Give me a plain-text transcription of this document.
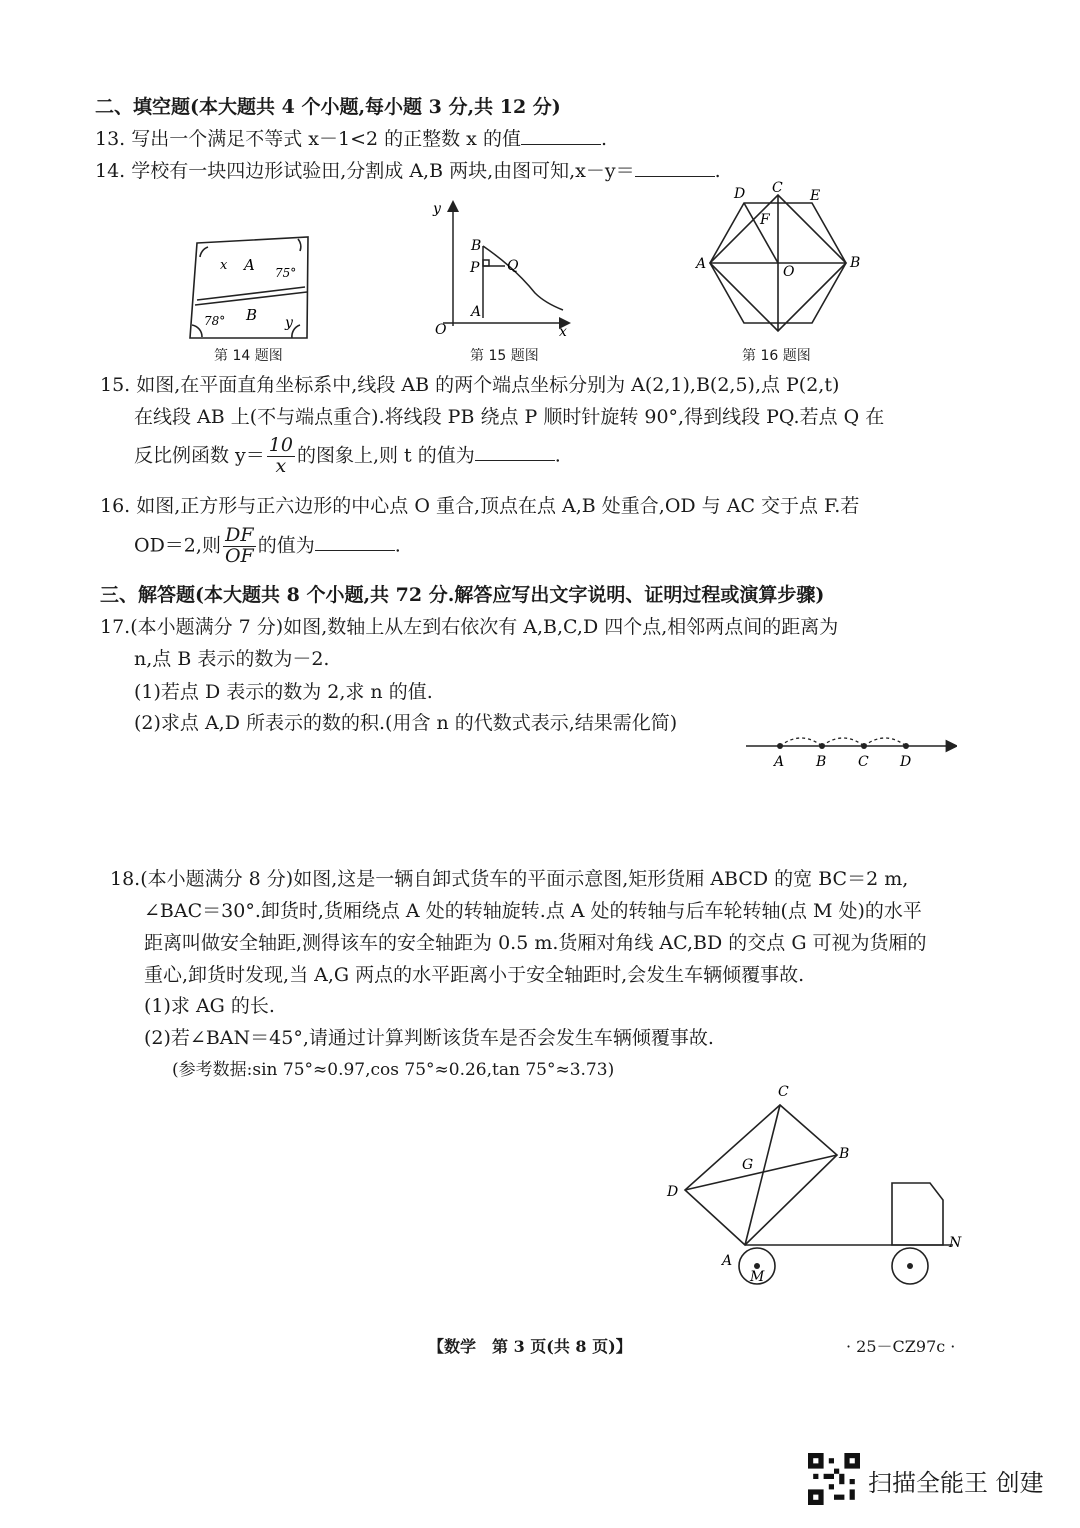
二、填空题(本大题共 4 个小题,每小题 3 分,共 12 分)
13. 写出一个满足不等式 x－1<2 的正整数 x 的值	.
14. 学校有一块四边形试验田,分割成 A,B 两块,由图可知,x－y＝	.
x A 75°
78° B y
第 14 题图
y
B
P Q
A
O	x
第 15 题图
D C E
F
A	O
B
第 16 题图
15. 如图,在平面直角坐标系中,线段 AB 的两个端点坐标分别为 A(2,1),B(2,5),点 P(2,t)
在线段 AB 上(不与端点重合).将线段 PB 绕点 P 顺时针旋转 90°,得到线段 PQ.若点 Q 在
反比例函数 $y= \frac{10}{x}$ 的图象上,则 t 的值为	.
16. 如图,正方形与正六边形的中心点 O 重合,顶点在点 A,B 处重合,OD 与 AC 交于点 F.若
OD＝2,则 $\frac{DF}{OF}$ 的值为	.
三、解答题(本大题共 8 个小题,共 72 分.解答应写出文字说明、证明过程或演算步骤)
17.(本小题满分 7 分)如图,数轴上从左到右依次有 A,B,C,D 四个点,相邻两点间的距离为
n,点 B 表示的数为－2.
(1)若点 D 表示的数为 2,求 n 的值.
(2)求点 A,D 所表示的数的积.(用含 n 的代数式表示,结果需化简)
A B C D
18.(本小题满分 8 分)如图,这是一辆自卸式货车的平面示意图,矩形货厢 ABCD 的宽 BC＝2 m,
∠BAC＝30°.卸货时,货厢绕点 A 处的转轴旋转.点 A 处的转轴与后车轮转轴(点 M 处)的水平
距离叫做安全轴距,测得该车的安全轴距为 0.5 m.货厢对角线 AC,BD 的交点 G 可视为货厢的
重心,卸货时发现,当 A,G 两点的水平距离小于安全轴距时,会发生车辆倾覆事故.
(1)求 AG 的长.
(2)若∠BAN＝45°,请通过计算判断该货车是否会发生车辆倾覆事故.
(参考数据:sin 75°≈0.97,cos 75°≈0.26,tan 75°≈3.73)
C
B
G
D
A
M
N
【数学　第 3 页(共 8 页)】	· 25－CZ97c ·
扫描全能王 创建
